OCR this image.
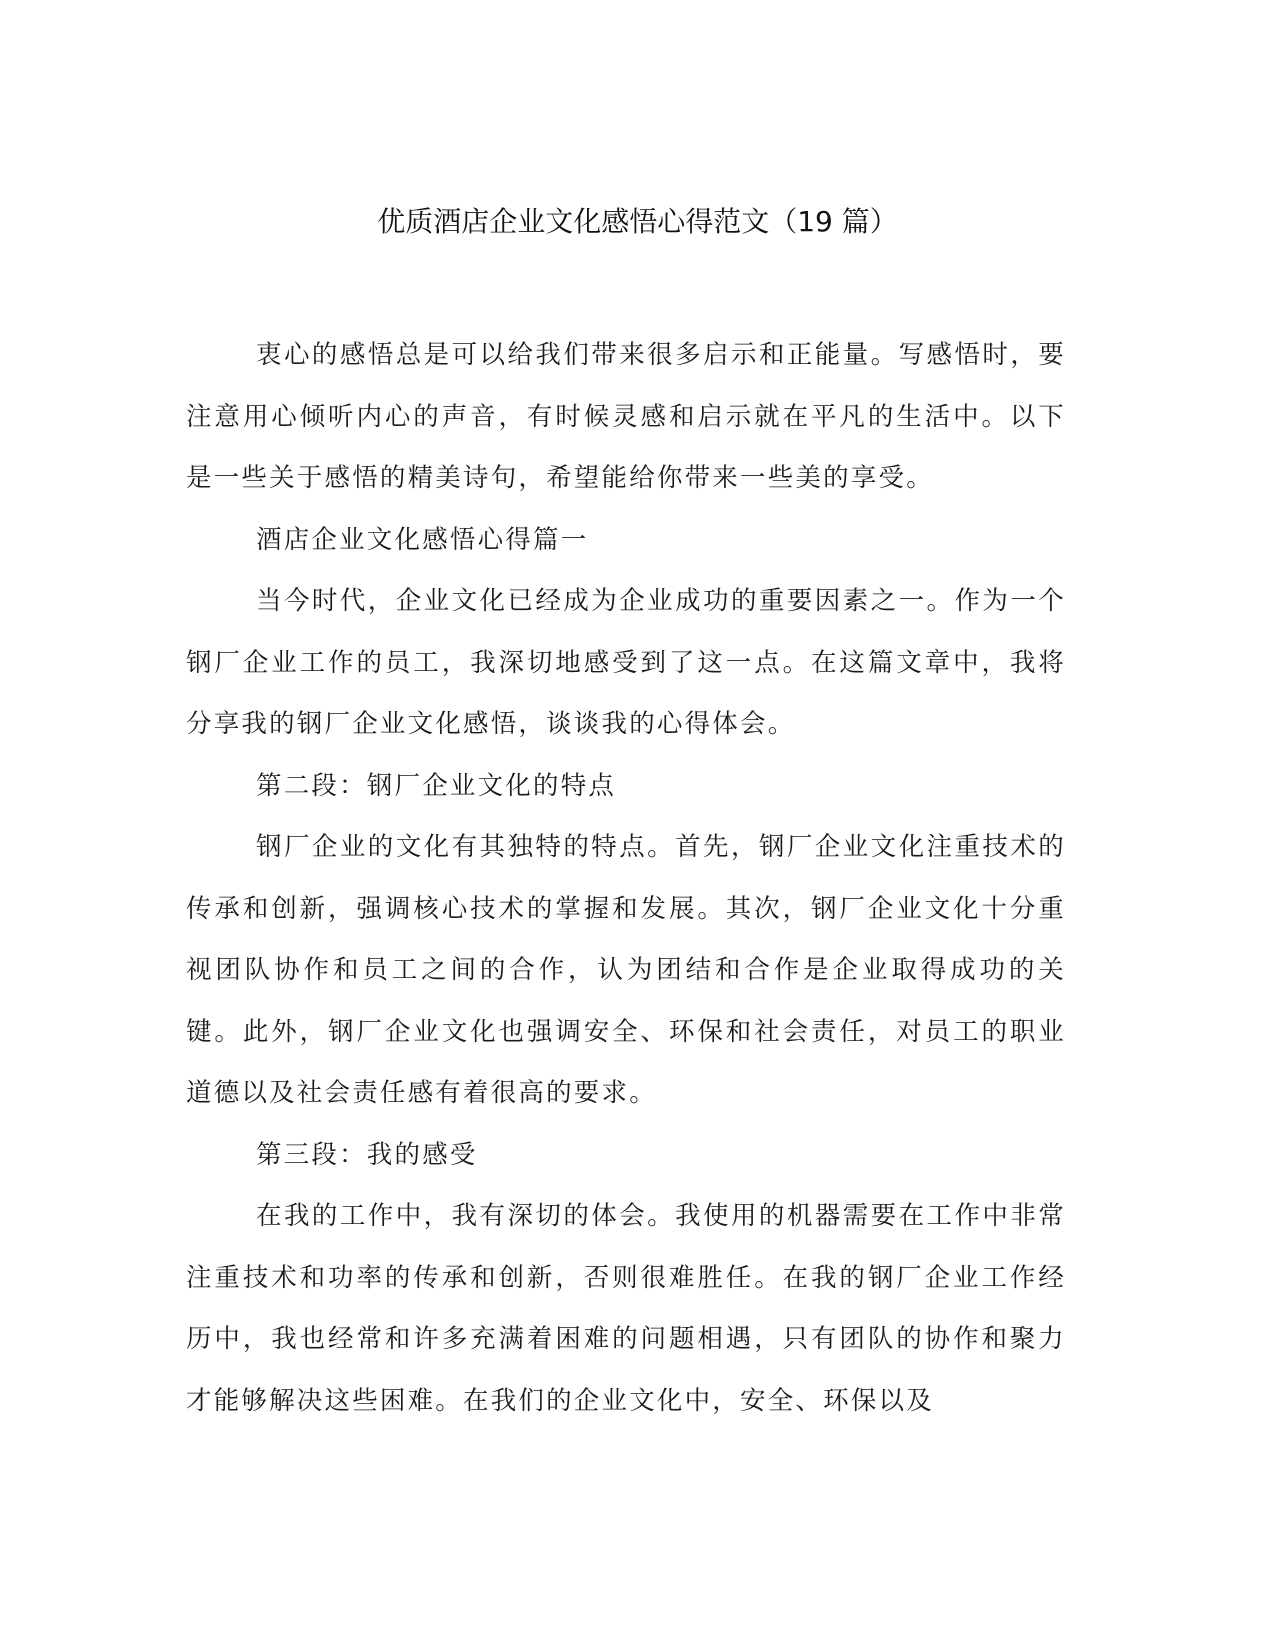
优质酒店企业文化感悟心得范文（19 篇）

衷心的感悟总是可以给我们带来很多启示和正能量。写感悟时，要注意用心倾听内心的声音，有时候灵感和启示就在平凡的生活中。以下是一些关于感悟的精美诗句，希望能给你带来一些美的享受。

酒店企业文化感悟心得篇一

当今时代，企业文化已经成为企业成功的重要因素之一。作为一个钢厂企业工作的员工，我深切地感受到了这一点。在这篇文章中，我将分享我的钢厂企业文化感悟，谈谈我的心得体会。

第二段：钢厂企业文化的特点

钢厂企业的文化有其独特的特点。首先，钢厂企业文化注重技术的传承和创新，强调核心技术的掌握和发展。其次，钢厂企业文化十分重视团队协作和员工之间的合作，认为团结和合作是企业取得成功的关键。此外，钢厂企业文化也强调安全、环保和社会责任，对员工的职业道德以及社会责任感有着很高的要求。

第三段：我的感受

在我的工作中，我有深切的体会。我使用的机器需要在工作中非常注重技术和功率的传承和创新，否则很难胜任。在我的钢厂企业工作经历中，我也经常和许多充满着困难的问题相遇，只有团队的协作和聚力才能够解决这些困难。在我们的企业文化中，安全、环保以及
